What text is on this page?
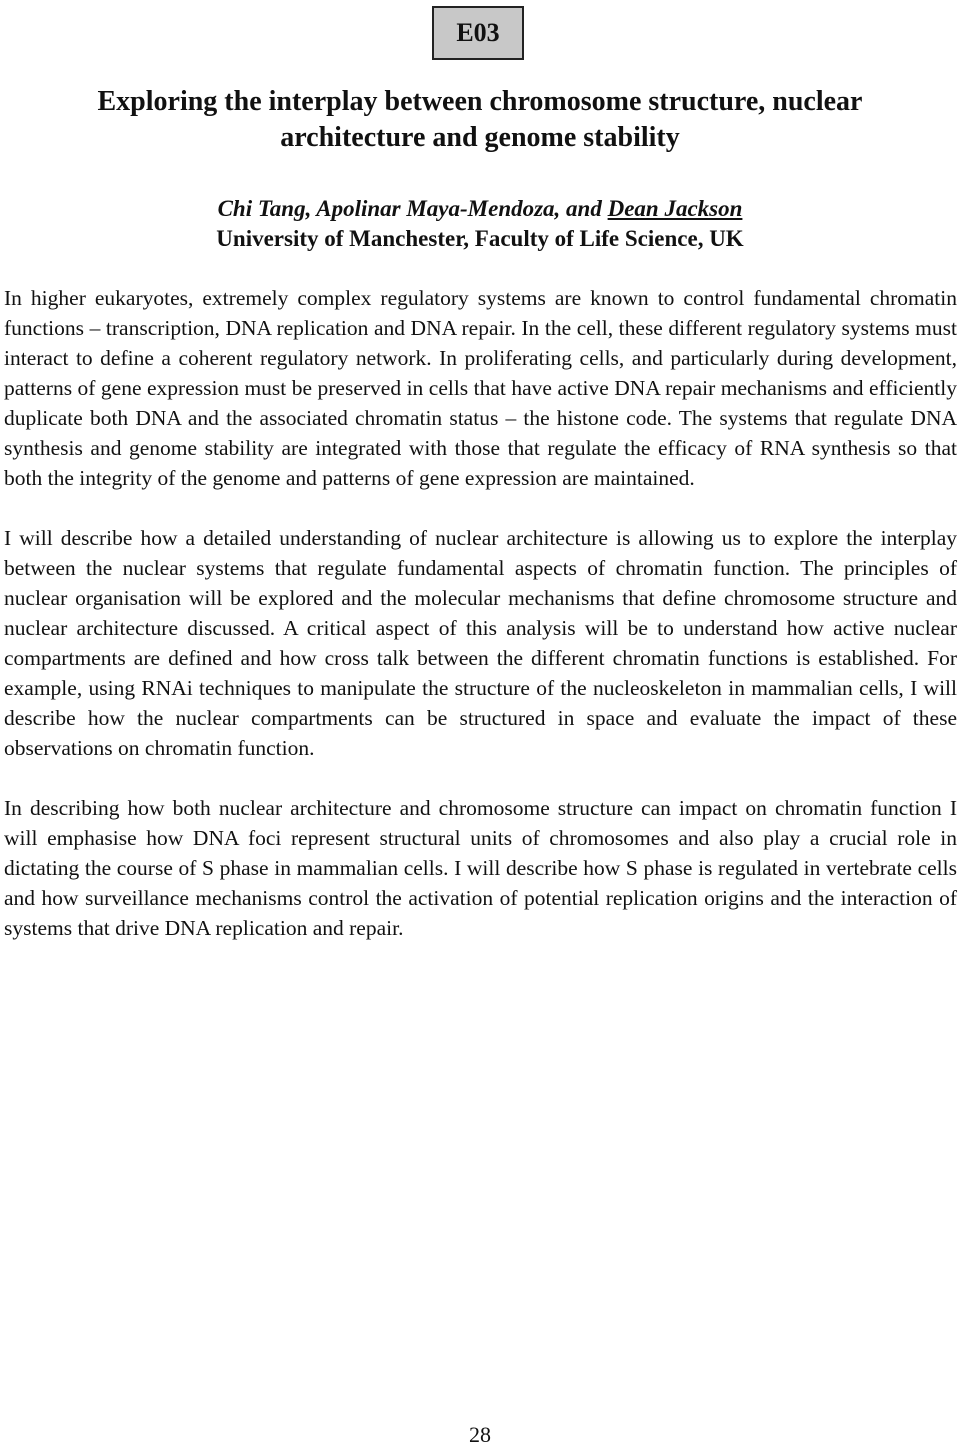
E03
Exploring the interplay between chromosome structure, nuclear
architecture and genome stability
Chi Tang, Apolinar Maya-Mendoza, and Dean Jackson
University of Manchester, Faculty of Life Science, UK

In higher eukaryotes, extremely complex regulatory systems are known to control fundamental chromatin functions – transcription, DNA replication and DNA repair. In the cell, these different regulatory systems must interact to define a coherent regulatory network. In proliferating cells, and particularly during development, patterns of gene expression must be preserved in cells that have active DNA repair mechanisms and efficiently duplicate both DNA and the associated chromatin status – the histone code. The systems that regulate DNA synthesis and genome stability are integrated with those that regulate the efficacy of RNA synthesis so that both the integrity of the genome and patterns of gene expression are maintained.

I will describe how a detailed understanding of nuclear architecture is allowing us to explore the interplay between the nuclear systems that regulate fundamental aspects of chromatin function. The principles of nuclear organisation will be explored and the molecular mechanisms that define chromosome structure and nuclear architecture discussed. A critical aspect of this analysis will be to understand how active nuclear compartments are defined and how cross talk between the different chromatin functions is established. For example, using RNAi techniques to manipulate the structure of the nucleoskeleton in mammalian cells, I will describe how the nuclear compartments can be structured in space and evaluate the impact of these observations on chromatin function.

In describing how both nuclear architecture and chromosome structure can impact on chromatin function I will emphasise how DNA foci represent structural units of chromosomes and also play a crucial role in dictating the course of S phase in mammalian cells. I will describe how S phase is regulated in vertebrate cells and how surveillance mechanisms control the activation of potential replication origins and the interaction of systems that drive DNA replication and repair.

28
